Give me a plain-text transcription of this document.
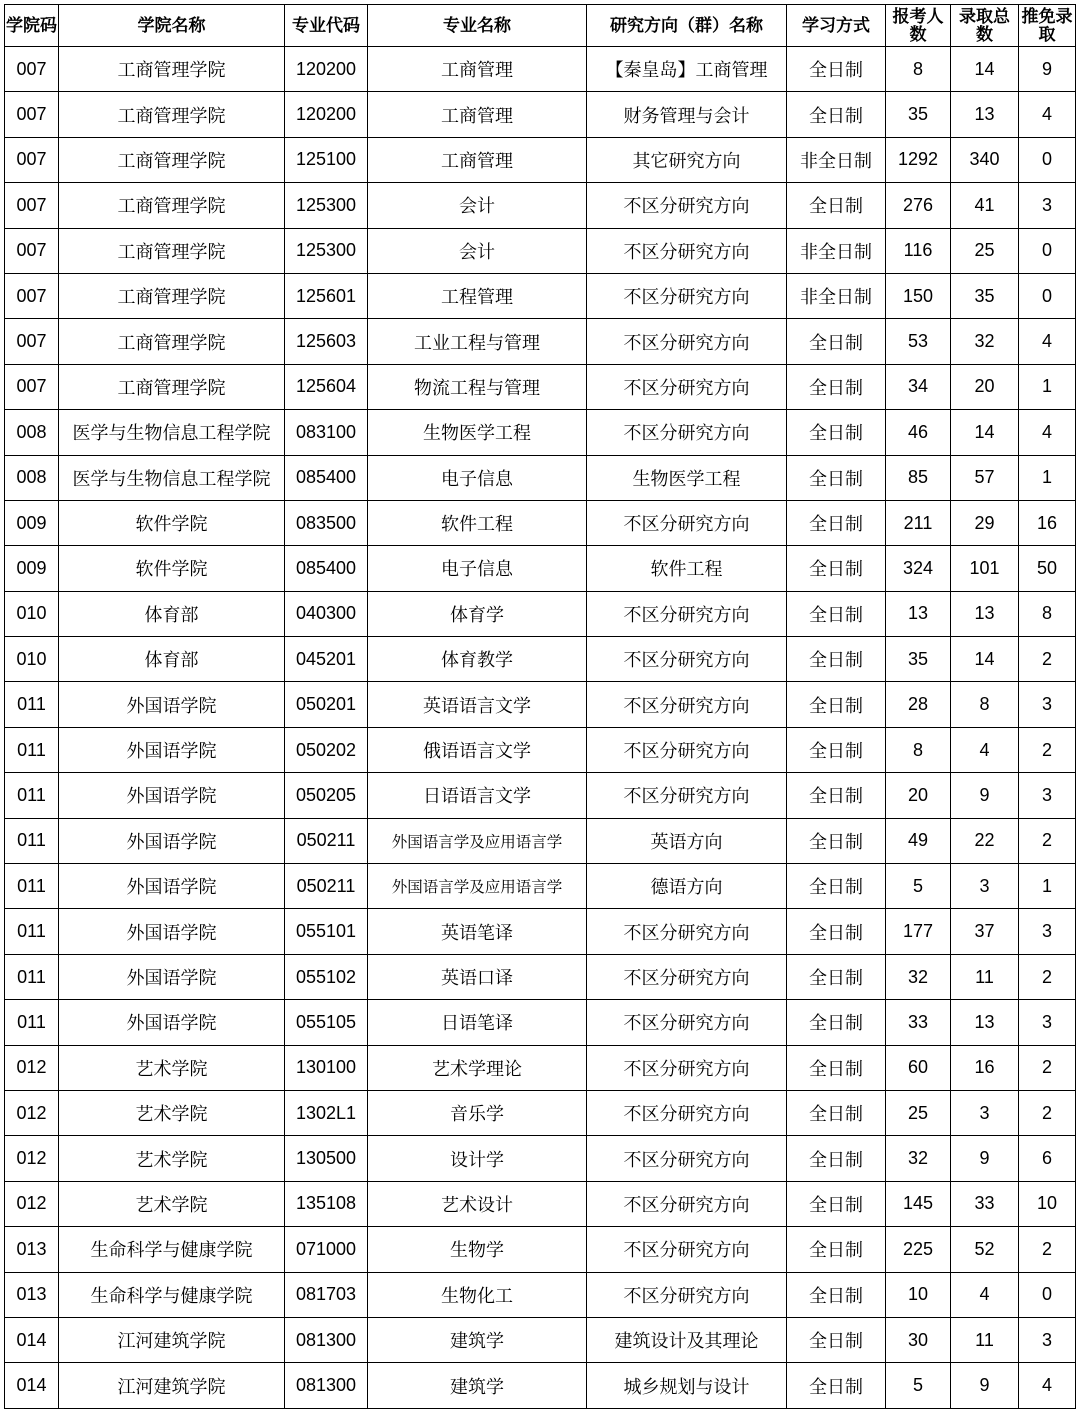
学院码	学院名称	专业代码	专业名称	研究方向（群）名称	学习方式	报考人数	录取总数	推免录取
007	工商管理学院	120200	工商管理	【秦皇岛】工商管理	全日制	8	14	9
007	工商管理学院	120200	工商管理	财务管理与会计	全日制	35	13	4
007	工商管理学院	125100	工商管理	其它研究方向	非全日制	1292	340	0
007	工商管理学院	125300	会计	不区分研究方向	全日制	276	41	3
007	工商管理学院	125300	会计	不区分研究方向	非全日制	116	25	0
007	工商管理学院	125601	工程管理	不区分研究方向	非全日制	150	35	0
007	工商管理学院	125603	工业工程与管理	不区分研究方向	全日制	53	32	4
007	工商管理学院	125604	物流工程与管理	不区分研究方向	全日制	34	20	1
008	医学与生物信息工程学院	083100	生物医学工程	不区分研究方向	全日制	46	14	4
008	医学与生物信息工程学院	085400	电子信息	生物医学工程	全日制	85	57	1
009	软件学院	083500	软件工程	不区分研究方向	全日制	211	29	16
009	软件学院	085400	电子信息	软件工程	全日制	324	101	50
010	体育部	040300	体育学	不区分研究方向	全日制	13	13	8
010	体育部	045201	体育教学	不区分研究方向	全日制	35	14	2
011	外国语学院	050201	英语语言文学	不区分研究方向	全日制	28	8	3
011	外国语学院	050202	俄语语言文学	不区分研究方向	全日制	8	4	2
011	外国语学院	050205	日语语言文学	不区分研究方向	全日制	20	9	3
011	外国语学院	050211	外国语言学及应用语言学	英语方向	全日制	49	22	2
011	外国语学院	050211	外国语言学及应用语言学	德语方向	全日制	5	3	1
011	外国语学院	055101	英语笔译	不区分研究方向	全日制	177	37	3
011	外国语学院	055102	英语口译	不区分研究方向	全日制	32	11	2
011	外国语学院	055105	日语笔译	不区分研究方向	全日制	33	13	3
012	艺术学院	130100	艺术学理论	不区分研究方向	全日制	60	16	2
012	艺术学院	1302L1	音乐学	不区分研究方向	全日制	25	3	2
012	艺术学院	130500	设计学	不区分研究方向	全日制	32	9	6
012	艺术学院	135108	艺术设计	不区分研究方向	全日制	145	33	10
013	生命科学与健康学院	071000	生物学	不区分研究方向	全日制	225	52	2
013	生命科学与健康学院	081703	生物化工	不区分研究方向	全日制	10	4	0
014	江河建筑学院	081300	建筑学	建筑设计及其理论	全日制	30	11	3
014	江河建筑学院	081300	建筑学	城乡规划与设计	全日制	5	9	4
